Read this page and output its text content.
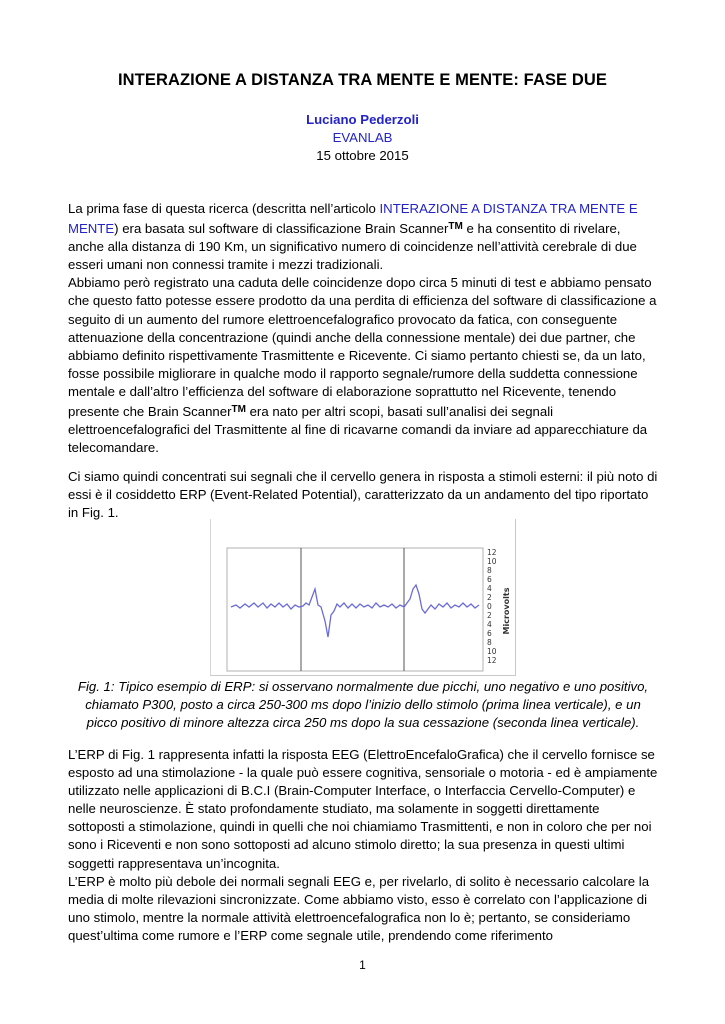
INTERAZIONE A DISTANZA TRA MENTE E MENTE: FASE DUE
Luciano Pederzoli
EVANLAB
15 ottobre 2015

La prima fase di questa ricerca (descritta nell’articolo INTERAZIONE A DISTANZA TRA MENTE E MENTE) era basata sul software di classificazione Brain Scanner™ e ha consentito di rivelare, anche alla distanza di 190 Km, un significativo numero di coincidenze nell’attività cerebrale di due esseri umani non connessi tramite i mezzi tradizionali.

Abbiamo però registrato una caduta delle coincidenze dopo circa 5 minuti di test e abbiamo pensato che questo fatto potesse essere prodotto da una perdita di efficienza del software di classificazione a seguito di un aumento del rumore elettroencefalografico provocato da fatica, con conseguente attenuazione della concentrazione (quindi anche della connessione mentale) dei due partner, che abbiamo definito rispettivamente Trasmittente e Ricevente. Ci siamo pertanto chiesti se, da un lato, fosse possibile migliorare in qualche modo il rapporto segnale/rumore della suddetta connessione mentale e dall’altro l’efficienza del software di elaborazione soprattutto nel Ricevente, tenendo presente che Brain Scanner™ era nato per altri scopi, basati sull’analisi dei segnali elettroencefalografici del Trasmittente al fine di ricavarne comandi da inviare ad apparecchiature da telecomandare.

Ci siamo quindi concentrati sui segnali che il cervello genera in risposta a stimoli esterni: il più noto di essi è il cosiddetto ERP (Event-Related Potential), caratterizzato da un andamento del tipo riportato in Fig. 1.
12
10
8
6
4
2
0
2
4
6
8
10
12
Microvolts
Fig. 1: Tipico esempio di ERP: si osservano normalmente due picchi, uno negativo e uno positivo, chiamato P300, posto a circa 250-300 ms dopo l’inizio dello stimolo (prima linea verticale), e un picco positivo di minore altezza circa 250 ms dopo la sua cessazione (seconda linea verticale).

L’ERP di Fig. 1 rappresenta infatti la risposta EEG (ElettroEncefaloGrafica) che il cervello fornisce se esposto ad una stimolazione - la quale può essere cognitiva, sensoriale o motoria - ed è ampiamente utilizzato nelle applicazioni di B.C.I (Brain-Computer Interface, o Interfaccia Cervello-Computer) e nelle neuroscienze. È stato profondamente studiato, ma solamente in soggetti direttamente sottoposti a stimolazione, quindi in quelli che noi chiamiamo Trasmittenti, e non in coloro che per noi sono i Riceventi e non sono sottoposti ad alcuno stimolo diretto; la sua presenza in questi ultimi soggetti rappresentava un’incognita.

L’ERP è molto più debole dei normali segnali EEG e, per rivelarlo, di solito è necessario calcolare la media di molte rilevazioni sincronizzate. Come abbiamo visto, esso è correlato con l’applicazione di uno stimolo, mentre la normale attività elettroencefalografica non lo è; pertanto, se consideriamo quest’ultima come rumore e l’ERP come segnale utile, prendendo come riferimento

1
